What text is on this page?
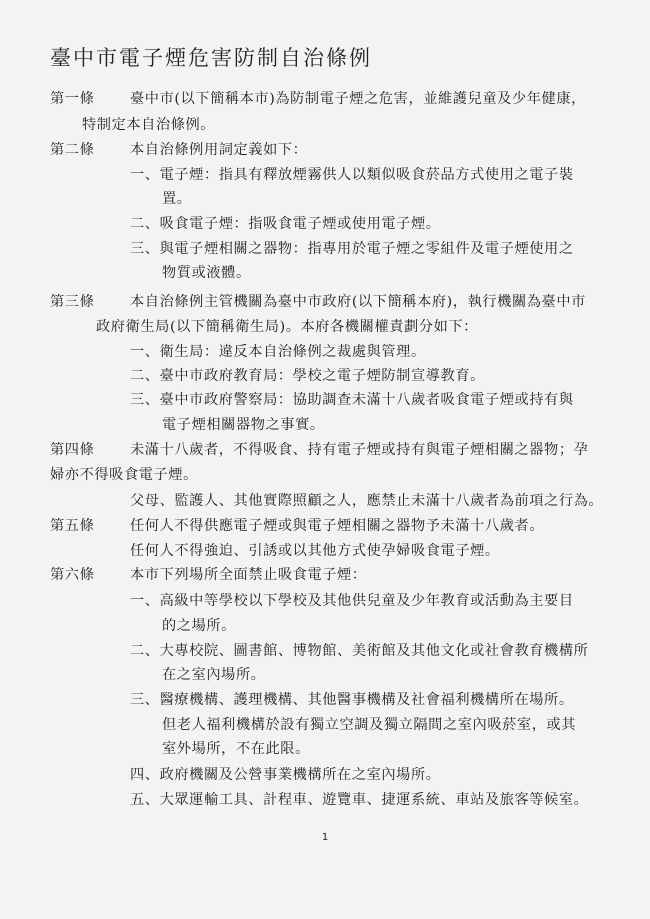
臺中市電子煙危害防制自治條例
第一條	臺中市(以下簡稱本市)為防制電子煙之危害，並維護兒童及少年健康，
特制定本自治條例。
第二條	本自治條例用詞定義如下：
一、電子煙：指具有釋放煙霧供人以類似吸食菸品方式使用之電子裝
置。
二、吸食電子煙：指吸食電子煙或使用電子煙。
三、與電子煙相關之器物：指專用於電子煙之零組件及電子煙使用之
物質或液體。
第三條	本自治條例主管機關為臺中市政府(以下簡稱本府)，執行機關為臺中市
政府衛生局(以下簡稱衛生局)。本府各機關權責劃分如下：
一、衛生局：違反本自治條例之裁處與管理。
二、臺中市政府教育局：學校之電子煙防制宣導教育。
三、臺中市政府警察局：協助調查未滿十八歲者吸食電子煙或持有與
電子煙相關器物之事實。
第四條	未滿十八歲者，不得吸食、持有電子煙或持有與電子煙相關之器物；孕
婦亦不得吸食電子煙。
父母、監護人、其他實際照顧之人，應禁止未滿十八歲者為前項之行為。
第五條	任何人不得供應電子煙或與電子煙相關之器物予未滿十八歲者。
任何人不得強迫、引誘或以其他方式使孕婦吸食電子煙。
第六條	本市下列場所全面禁止吸食電子煙：
一、高級中等學校以下學校及其他供兒童及少年教育或活動為主要目
的之場所。
二、大專校院、圖書館、博物館、美術館及其他文化或社會教育機構所
在之室內場所。
三、醫療機構、護理機構、其他醫事機構及社會福利機構所在場所。
但老人福利機構於設有獨立空調及獨立隔間之室內吸菸室，或其
室外場所，不在此限。
四、政府機關及公營事業機構所在之室內場所。
五、大眾運輸工具、計程車、遊覽車、捷運系統、車站及旅客等候室。
1
